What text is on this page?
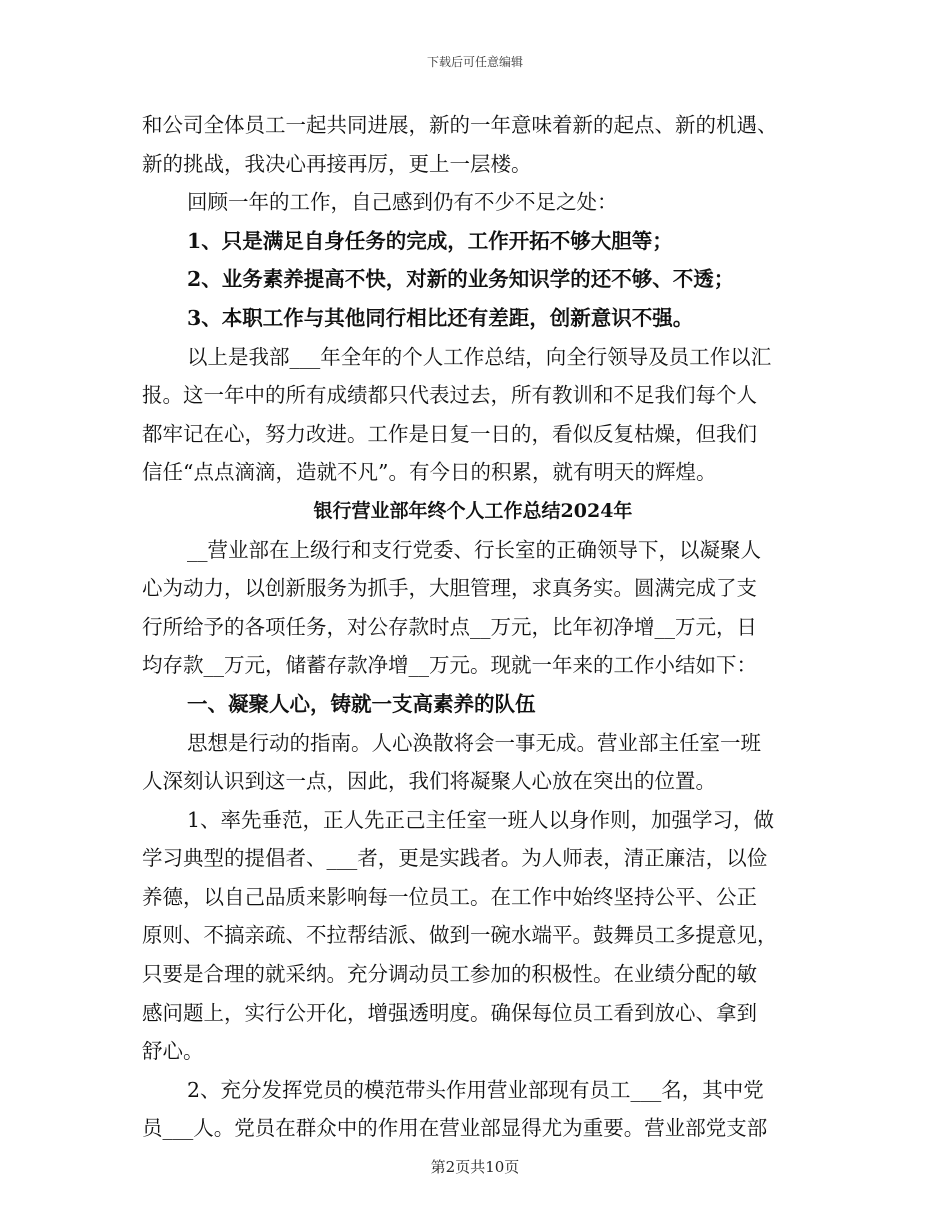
下载后可任意编辑
和公司全体员工一起共同进展，新的一年意味着新的起点、新的机遇、
新的挑战，我决心再接再厉，更上一层楼。
回顾一年的工作，自己感到仍有不少不足之处：
1、只是满足自身任务的完成，工作开拓不够大胆等；
2、业务素养提高不快，对新的业务知识学的还不够、不透；
3、本职工作与其他同行相比还有差距，创新意识不强。
以上是我部___年全年的个人工作总结，向全行领导及员工作以汇
报。这一年中的所有成绩都只代表过去，所有教训和不足我们每个人
都牢记在心，努力改进。工作是日复一日的，看似反复枯燥，但我们
信任“点点滴滴，造就不凡”。有今日的积累，就有明天的辉煌。
银行营业部年终个人工作总结2024年
__营业部在上级行和支行党委、行长室的正确领导下，以凝聚人
心为动力，以创新服务为抓手，大胆管理，求真务实。圆满完成了支
行所给予的各项任务，对公存款时点__万元，比年初净增__万元，日
均存款__万元，储蓄存款净增__万元。现就一年来的工作小结如下：
一、凝聚人心，铸就一支高素养的队伍
思想是行动的指南。人心涣散将会一事无成。营业部主任室一班
人深刻认识到这一点，因此，我们将凝聚人心放在突出的位置。
1、率先垂范，正人先正己主任室一班人以身作则，加强学习，做
学习典型的提倡者、___者，更是实践者。为人师表，清正廉洁，以俭
养德，以自己品质来影响每一位员工。在工作中始终坚持公平、公正
原则、不搞亲疏、不拉帮结派、做到一碗水端平。鼓舞员工多提意见，
只要是合理的就采纳。充分调动员工参加的积极性。在业绩分配的敏
感问题上，实行公开化，增强透明度。确保每位员工看到放心、拿到
舒心。
2、充分发挥党员的模范带头作用营业部现有员工___名，其中党
员___人。党员在群众中的作用在营业部显得尤为重要。营业部党支部
第2页共10页
